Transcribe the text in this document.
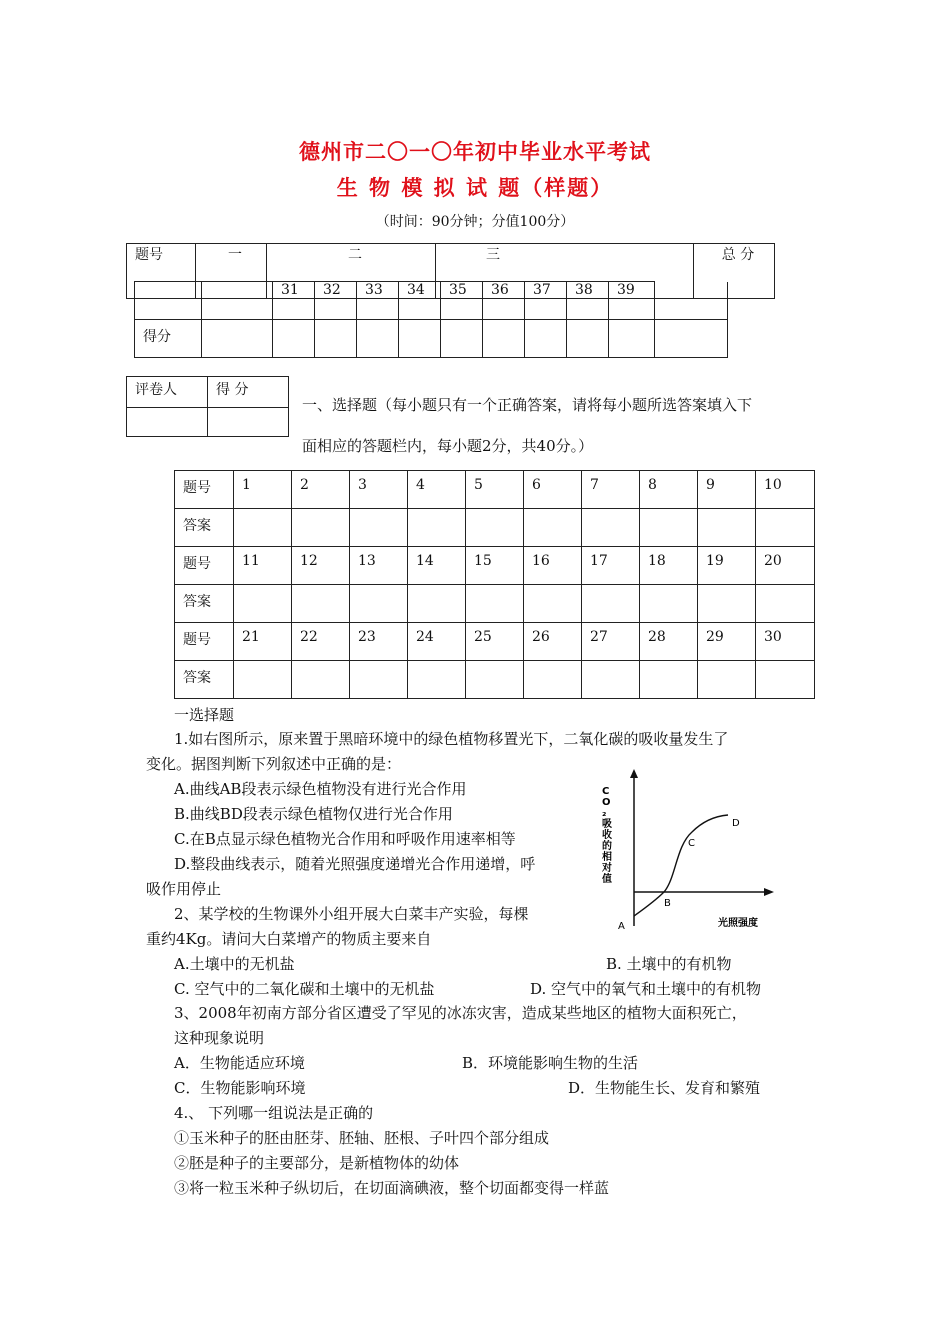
德州市二〇一〇年初中毕业水平考试
生 物 模 拟 试 题（样题）
（时间：90分钟；分值100分）
题号	一	二	三	总 分
		31	32	33	34	35	36	37	38	39	
得分											
评卷人	得 分

一、选择题（每小题只有一个正确答案，请将每小题所选答案填入下
面相应的答题栏内，每小题2分，共40分。）
题号	1	2	3	4	5	6	7	8	9	10
答案										
题号	11	12	13	14	15	16	17	18	19	20
答案										
题号	21	22	23	24	25	26	27	28	29	30
答案										
一选择题
1.如右图所示，原来置于黑暗环境中的绿色植物移置光下，二氧化碳的吸收量发生了
变化。据图判断下列叙述中正确的是：
A.曲线AB段表示绿色植物没有进行光合作用
B.曲线BD段表示绿色植物仅进行光合作用
C.在B点显示绿色植物光合作用和呼吸作用速率相等
D.整段曲线表示，随着光照强度递增光合作用递增，呼
吸作用停止
2、某学校的生物课外小组开展大白菜丰产实验，每棵
重约4Kg。请问大白菜增产的物质主要来自
A.土壤中的无机盐	B. 土壤中的有机物
C. 空气中的二氧化碳和土壤中的无机盐	D. 空气中的氧气和土壤中的有机物
3、2008年初南方部分省区遭受了罕见的冰冻灾害，造成某些地区的植物大面积死亡，
这种现象说明
A．生物能适应环境	B．环境能影响生物的生活
C．生物能影响环境	D．生物能生长、发育和繁殖
4.、 下列哪一组说法是正确的
①玉米种子的胚由胚芽、胚轴、胚根、子叶四个部分组成
②胚是种子的主要部分，是新植物体的幼体
③将一粒玉米种子纵切后，在切面滴碘液，整个切面都变得一样蓝
C O ₂ 吸收的相对值
A
B
C
D
光照强度
